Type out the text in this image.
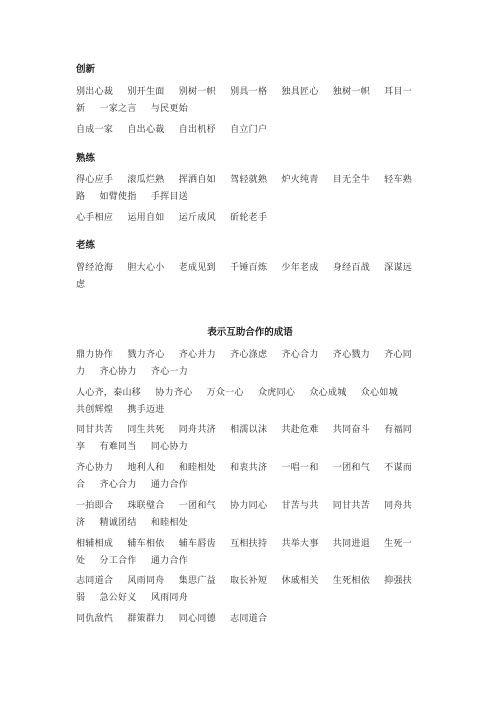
创新
别出心裁 别开生面 别树一帜 别具一格 独具匠心 独树一帜 耳目一新 一家之言 与民更始
自成一家 自出心裁 自出机杼 自立门户
熟练
得心应手 滚瓜烂熟 挥洒自如 驾轻就熟 炉火纯青 目无全牛 轻车熟路 如臂使指 手挥目送
心手相应 运用自如 运斤成风 斫轮老手
老练
曾经沧海 胆大心小 老成见到 千锤百炼 少年老成 身经百战 深谋远虑
表示互助合作的成语
鼎力协作 戮力齐心 齐心并力 齐心涤虑 齐心合力 齐心戮力 齐心同力 齐心协力 齐心一力
人心齐，泰山移 协力齐心 万众一心 众虎同心 众心成城 众心如城 共创辉煌 携手迈进
同甘共苦 同生共死 同舟共济 相濡以沫 共赴危难 共同奋斗 有福同享 有难同当 同心协力
齐心协力 地利人和 和睦相处 和衷共济 一唱一和 一团和气 不谋而合 齐心合力 通力合作
一拍即合 珠联璧合 一团和气 协力同心 甘苦与共 同甘共苦 同舟共济 精诚团结 和睦相处
相辅相成 辅车相依 辅车唇齿 互相扶持 共举大事 共同进退 生死一处 分工合作 通力合作
志同道合 风雨同舟 集思广益 取长补短 休戚相关 生死相依 抑强扶弱 急公好义 风雨同舟
同仇敌忾 群策群力 同心同德 志同道合
